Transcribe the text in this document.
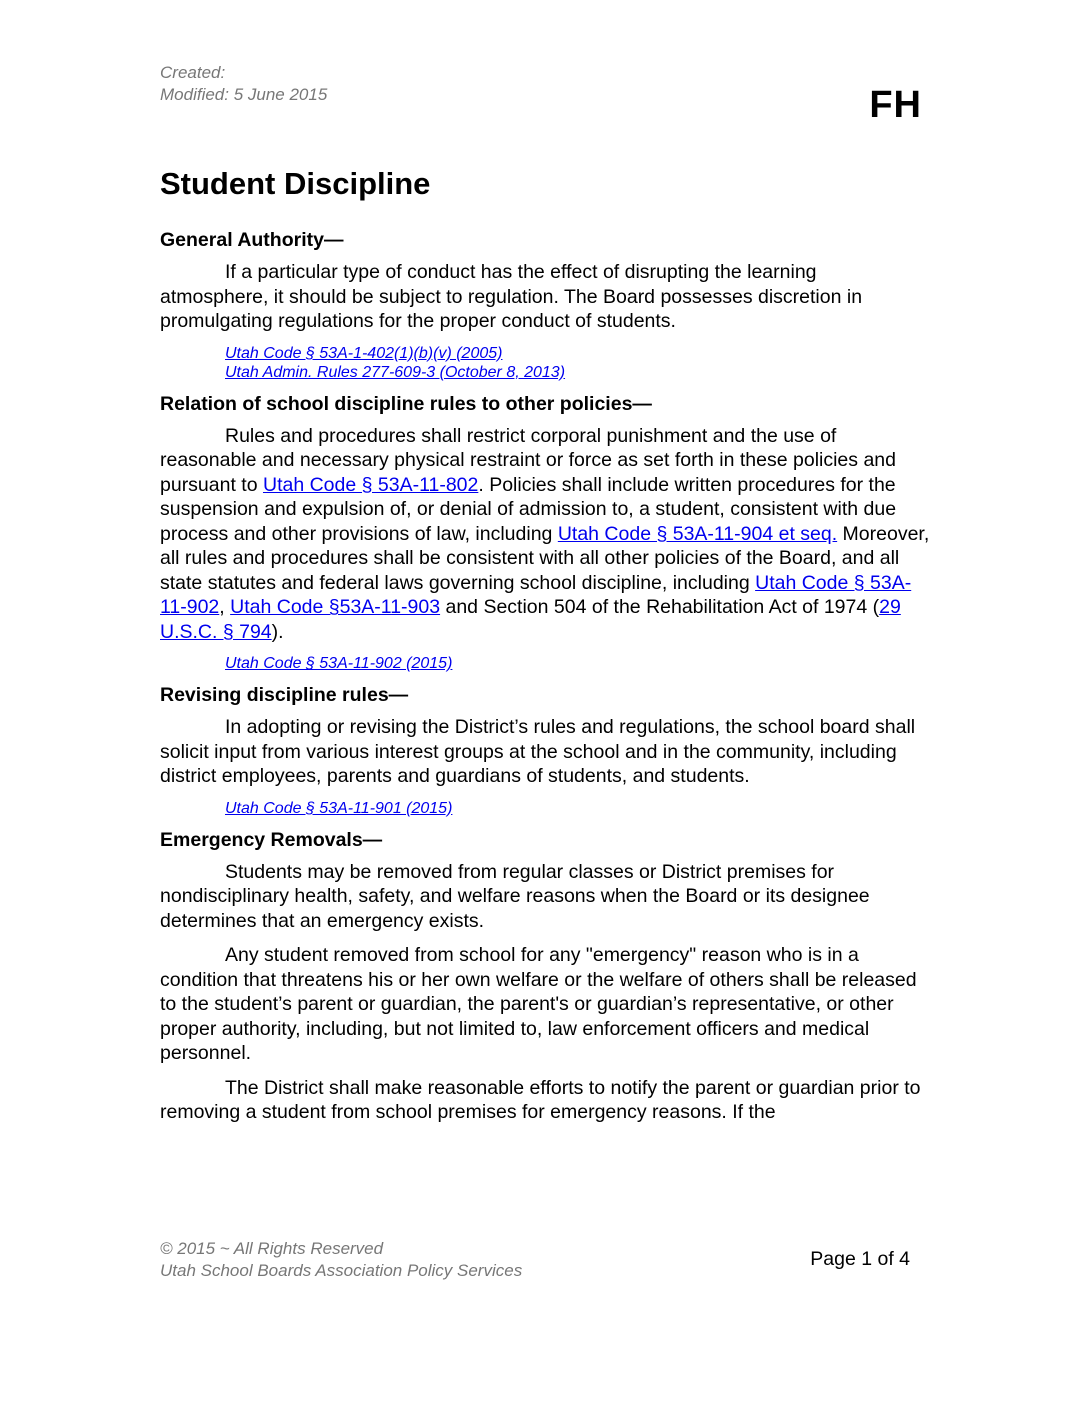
Created:
Modified: 5 June 2015	FH
Student Discipline
General Authority—

If a particular type of conduct has the effect of disrupting the learning atmosphere, it should be subject to regulation. The Board possesses discretion in promulgating regulations for the proper conduct of students.

Utah Code § 53A-1-402(1)(b)(v) (2005)
Utah Admin. Rules 277-609-3 (October 8, 2013)
Relation of school discipline rules to other policies—

Rules and procedures shall restrict corporal punishment and the use of reasonable and necessary physical restraint or force as set forth in these policies and pursuant to Utah Code § 53A-11-802. Policies shall include written procedures for the suspension and expulsion of, or denial of admission to, a student, consistent with due process and other provisions of law, including Utah Code § 53A-11-904 et seq. Moreover, all rules and procedures shall be consistent with all other policies of the Board, and all state statutes and federal laws governing school discipline, including Utah Code § 53A-11-902, Utah Code §53A-11-903 and Section 504 of the Rehabilitation Act of 1974 (29 U.S.C. § 794).

Utah Code § 53A-11-902 (2015)
Revising discipline rules—

In adopting or revising the District’s rules and regulations, the school board shall solicit input from various interest groups at the school and in the community, including district employees, parents and guardians of students, and students.

Utah Code § 53A-11-901 (2015)
Emergency Removals—

Students may be removed from regular classes or District premises for nondisciplinary health, safety, and welfare reasons when the Board or its designee determines that an emergency exists.

Any student removed from school for any "emergency" reason who is in a condition that threatens his or her own welfare or the welfare of others shall be released to the student’s parent or guardian, the parent's or guardian’s representative, or other proper authority, including, but not limited to, law enforcement officers and medical personnel.

The District shall make reasonable efforts to notify the parent or guardian prior to removing a student from school premises for emergency reasons. If the

© 2015 ~ All Rights Reserved
Utah School Boards Association Policy Services
Page 1 of 4
